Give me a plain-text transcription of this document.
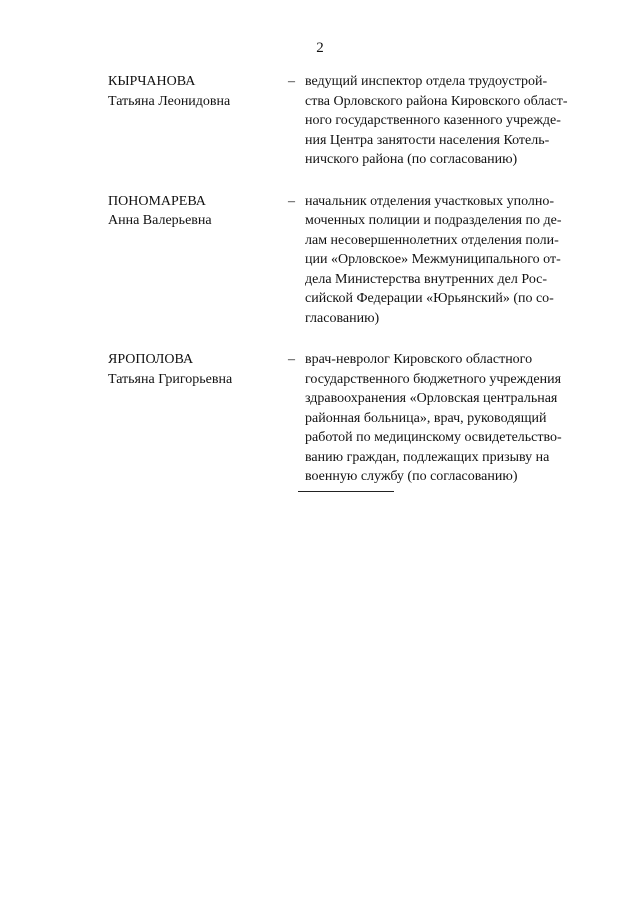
2
КЫРЧАНОВА
Татьяна Леонидовна
– ведущий инспектор отдела трудоустрой-
ства Орловского района Кировского област-
ного государственного казенного учрежде-
ния Центра занятости населения Котель-
ничского района (по согласованию)
ПОНОМАРЕВА
Анна Валерьевна
– начальник отделения участковых уполно-
моченных полиции и подразделения по де-
лам несовершеннолетних отделения поли-
ции «Орловское» Межмуниципального от-
дела Министерства внутренних дел Рос-
сийской Федерации «Юрьянский» (по со-
гласованию)
ЯРОПОЛОВА
Татьяна Григорьевна
– врач-невролог Кировского областного
государственного бюджетного учреждения
здравоохранения «Орловская центральная
районная больница», врач, руководящий
работой по медицинскому освидетельство-
ванию граждан, подлежащих призыву на
военную службу (по согласованию)
